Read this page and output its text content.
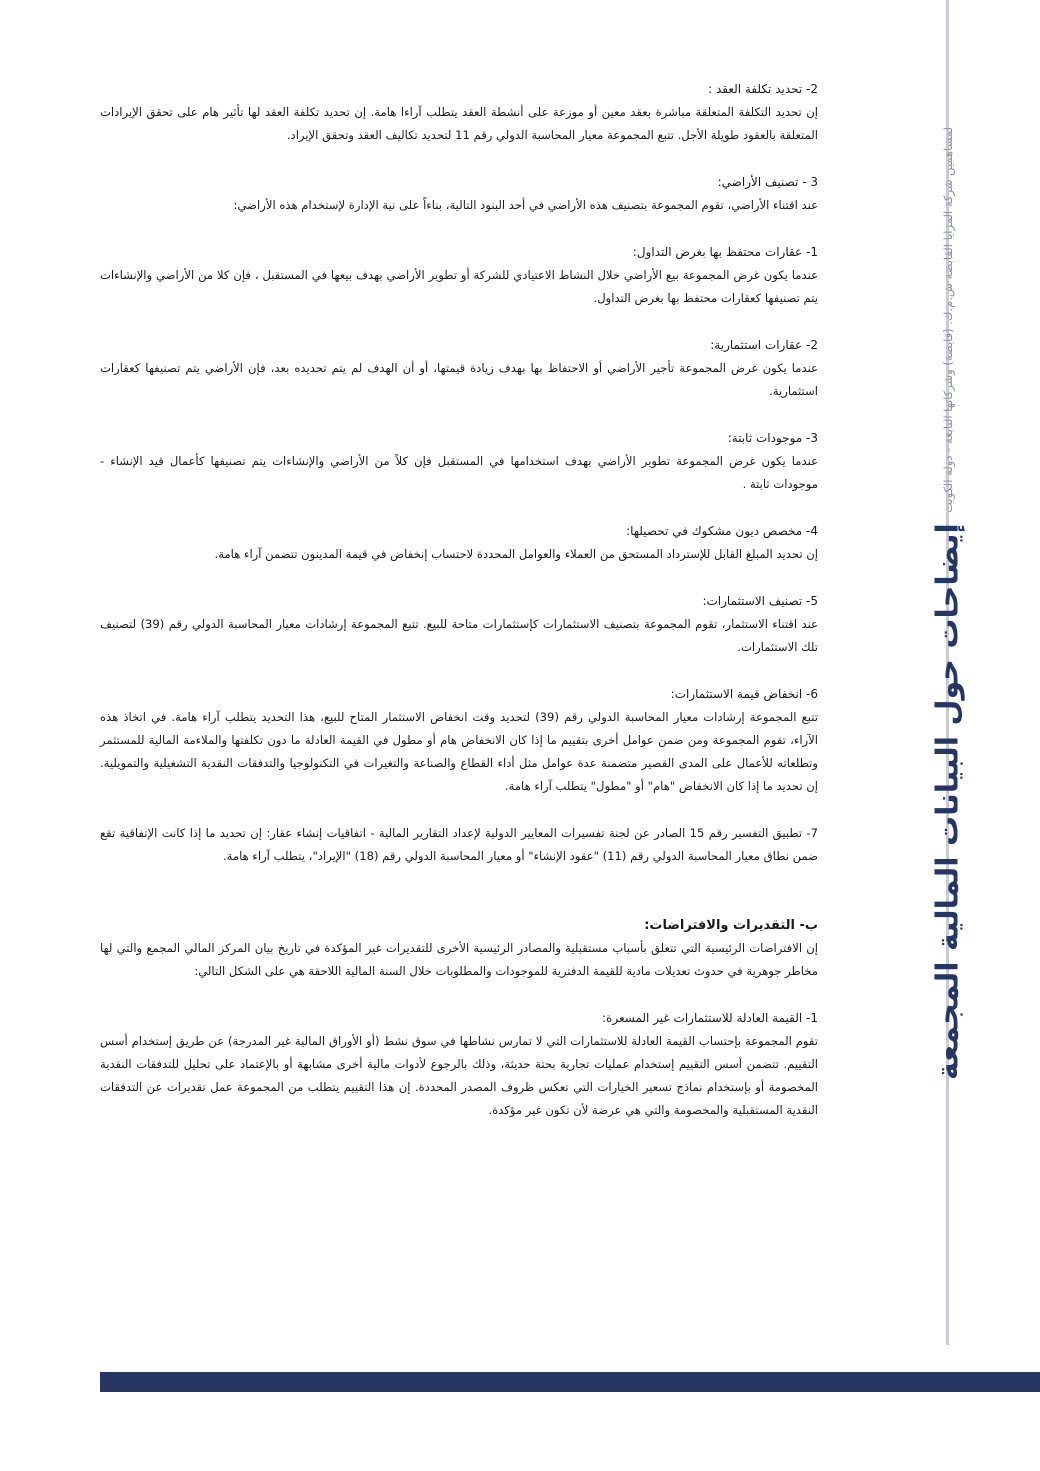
إيضاحات حول البيانات المالية المجمعة
لمساهمين شركة المزايا القابضة ش.م.ك. (قابضة) وشركاتها التابعة - دولة الكويت
2- تحديد تكلفة العقد :

إن تحديد التكلفة المتعلقة مباشرة بعقد معين أو موزعة على أنشطة العقد يتطلب آراءا هامة. إن تحديد تكلفة العقد لها تأثير هام على تحقق الإيرادات المتعلقة بالعقود طويلة الأجل. تتبع المجموعة معيار المحاسبة الدولي رقم 11 لتحديد تكاليف العقد وتحقق الإيراد.

3 - تصنيف الأراضي:

عند اقتناء الأراضي، تقوم المجموعة بتصنيف هذه الأراضي في أحد البنود التالية، بناءاً على نية الإدارة لإستخدام هذه الأراضي:

1- عقارات محتفظ بها بغرض التداول:

عندما يكون غرض المجموعة بيع الأراضي خلال النشاط الاعتيادي للشركة أو تطوير الأراضي بهدف بيعها في المستقبل ، فإن كلا من الأراضي والإنشاءات يتم تصنيفها كعقارات محتفظ بها بغرض التداول.

2- عقارات استثمارية:

عندما يكون غرض المجموعة تأجير الأراضي أو الاحتفاظ بها بهدف زيادة قيمتها، أو أن الهدف لم يتم تحديده بعد، فإن الأراضي يتم تصنيفها كعقارات استثمارية.

3- موجودات ثابتة:

عندما يكون غرض المجموعة تطوير الأراضي بهدف استخدامها في المستقبل فإن كلاً من الأراضي والإنشاءات يتم تصنيفها كأعمال قيد الإنشاء - موجودات ثابتة .

4- مخصص ديون مشكوك في تحصيلها:

إن تحديد المبلغ القابل للإسترداد المستحق من العملاء والعوامل المحددة لاحتساب إنخفاض في قيمة المدينون تتضمن آراء هامة.

5- تصنيف الاستثمارات:

عند اقتناء الاستثمار، تقوم المجموعة بتصنيف الاستثمارات كإستثمارات متاحة للبيع. تتبع المجموعة إرشادات معيار المحاسبة الدولي رقم (39) لتصنيف تلك الاستثمارات.

6- انخفاض قيمة الاستثمارات:

تتبع المجموعة إرشادات معيار المحاسبة الدولي رقم (39) لتحديد وقت انخفاض الاستثمار المتاح للبيع، هذا التحديد يتطلب آراء هامة. في اتخاذ هذه الآراء، تقوم المجموعة ومن ضمن عوامل أخرى بتقييم ما إذا كان الانخفاض هام أو مطول في القيمة العادلة ما دون تكلفتها والملاءمة المالية للمستثمر وتطلعاته للأعمال على المدى القصير متضمنة عدة عوامل مثل أداء القطاع والصناعة والتغيرات في التكنولوجيا والتدفقات النقدية التشغيلية والتمويلية. إن تحديد ما إذا كان الانخفاض "هام" أو "مطول" يتطلب آراء هامة.

7- تطبيق التفسير رقم 15 الصادر عن لجنة تفسيرات المعايير الدولية لإعداد التقارير المالية - اتفاقيات إنشاء عقار: إن تحديد ما إذا كانت الإتفاقية تقع ضمن نطاق معيار المحاسبة الدولي رقم (11) "عقود الإنشاء" أو معيار المحاسبة الدولي رقم (18) "الإيراد"، يتطلب آراء هامة.

ب- التقديرات والافتراضات:

إن الافتراضات الرئيسية التي تتعلق بأسباب مستقبلية والمصادر الرئيسية الأخرى للتقديرات غير المؤكدة في تاريخ بيان المركز المالي المجمع والتي لها مخاطر جوهرية في حدوث تعديلات مادية للقيمة الدفترية للموجودات والمطلوبات خلال السنة المالية اللاحقة هي على الشكل التالي:

1- القيمة العادلة للاستثمارات غير المسعرة:

تقوم المجموعة بإحتساب القيمة العادلة للاستثمارات التي لا تمارس نشاطها في سوق نشط (أو الأوراق المالية غير المدرجة) عن طريق إستخدام أسس التقييم. تتضمن أسس التقييم إستخدام عمليات تجارية بحتة حديثة، وذلك بالرجوع لأدوات مالية أخرى مشابهة أو بالإعتماد على تحليل للتدفقات النقدية المخصومة أو بإستخدام نماذج تسعير الخيارات التي تعكس ظروف المصدر المحددة. إن هذا التقييم يتطلب من المجموعة عمل تقديرات عن التدفقات النقدية المستقبلية والمخصومة والتي هي عرضة لأن تكون غير مؤكدة.
